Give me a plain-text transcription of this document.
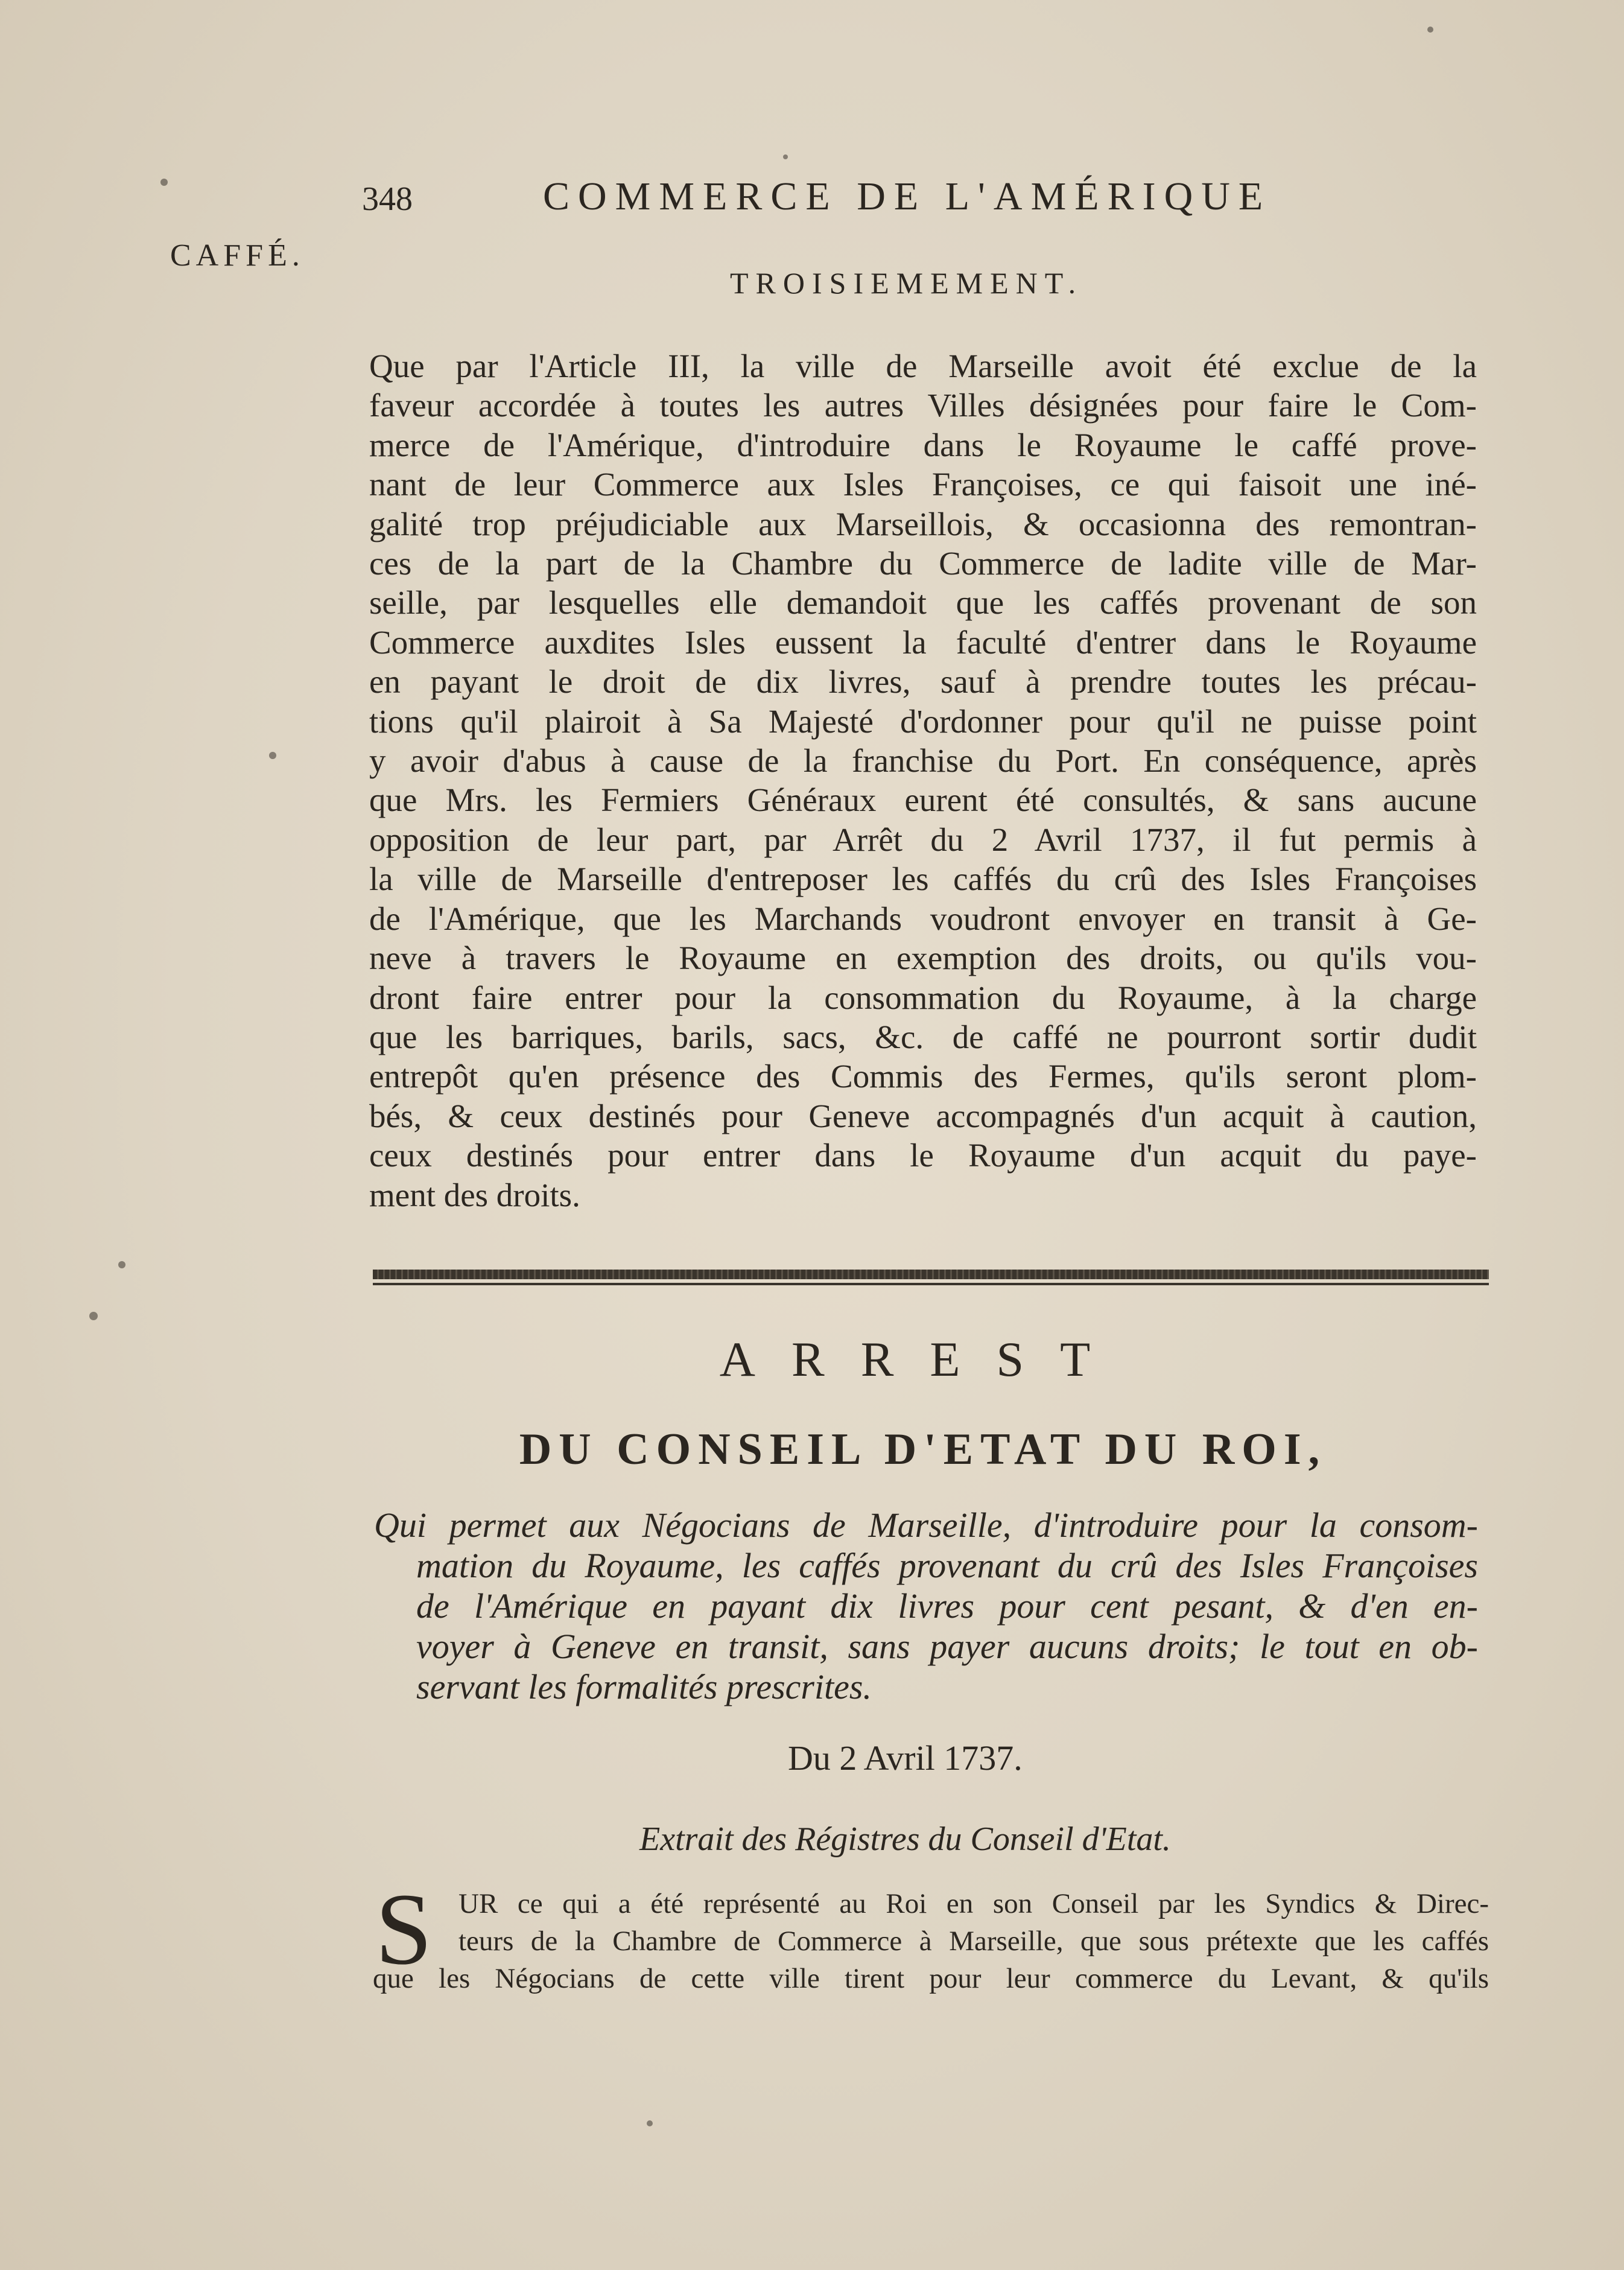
348	COMMERCE DE L'AMÉRIQUE
CAFFÉ.
TROISIEMEMENT.
Que par l'Article III, la ville de Marseille avoit été exclue de la
faveur accordée à toutes les autres Villes désignées pour faire le Com-
merce de l'Amérique, d'introduire dans le Royaume le caffé prove-
nant de leur Commerce aux Isles Françoises, ce qui faisoit une iné-
galité trop préjudiciable aux Marseillois, & occasionna des remontran-
ces de la part de la Chambre du Commerce de ladite ville de Mar-
seille, par lesquelles elle demandoit que les caffés provenant de son
Commerce auxdites Isles eussent la faculté d'entrer dans le Royaume
en payant le droit de dix livres, sauf à prendre toutes les précau-
tions qu'il plairoit à Sa Majesté d'ordonner pour qu'il ne puisse point
y avoir d'abus à cause de la franchise du Port. En conséquence, après
que Mrs. les Fermiers Généraux eurent été consultés, & sans aucune
opposition de leur part, par Arrêt du 2 Avril 1737, il fut permis à
la ville de Marseille d'entreposer les caffés du crû des Isles Françoises
de l'Amérique, que les Marchands voudront envoyer en transit à Ge-
neve à travers le Royaume en exemption des droits, ou qu'ils vou-
dront faire entrer pour la consommation du Royaume, à la charge
que les barriques, barils, sacs, &c. de caffé ne pourront sortir dudit
entrepôt qu'en présence des Commis des Fermes, qu'ils seront plom-
bés, & ceux destinés pour Geneve accompagnés d'un acquit à caution,
ceux destinés pour entrer dans le Royaume d'un acquit du paye-
ment des droits.
ARREST
DU CONSEIL D'ETAT DU ROI,
Qui permet aux Négocians de Marseille, d'introduire pour la consom-
mation du Royaume, les caffés provenant du crû des Isles Françoises
de l'Amérique en payant dix livres pour cent pesant, & d'en en-
voyer à Geneve en transit, sans payer aucuns droits; le tout en ob-
servant les formalités prescrites.
Du 2 Avril 1737.
Extrait des Régistres du Conseil d'Etat.
S UR ce qui a été représenté au Roi en son Conseil par les Syndics & Direc-
teurs de la Chambre de Commerce à Marseille, que sous prétexte que les caffés
que les Négocians de cette ville tirent pour leur commerce du Levant, & qu'ils
